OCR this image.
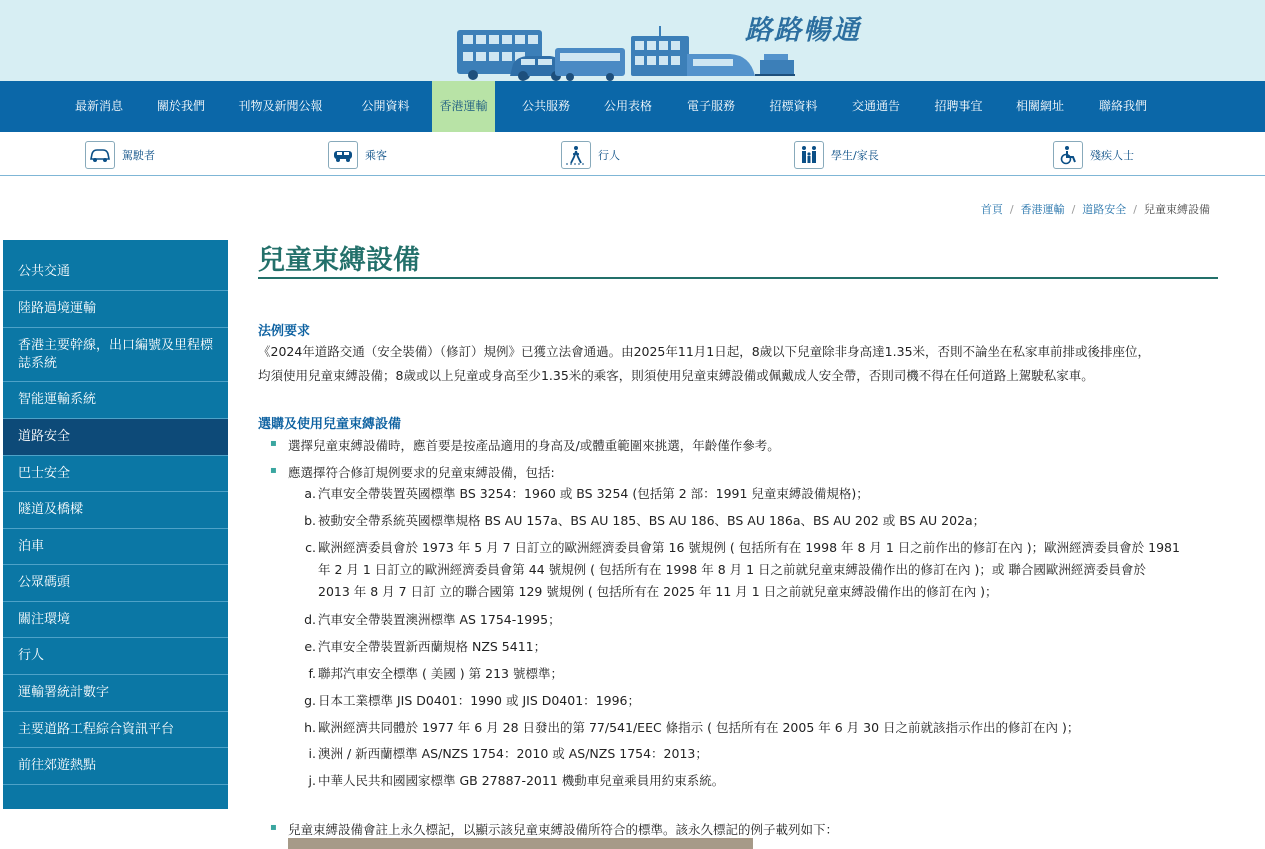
路路暢通
最新消息	關於我們	刊物及新聞公報	公開資料	香港運輸	公共服務	公用表格	電子服務	招標資料	交通通告	招聘事宜	相關網址	聯絡我們
駕駛者	乘客	行人	學生/家長	殘疾人士
首頁 / 香港運輸 / 道路安全 / 兒童束縛設備
公共交通
陸路過境運輸
香港主要幹線，出口編號及里程標誌系統
智能運輸系統
道路安全
巴士安全
隧道及橋樑
泊車
公眾碼頭
關注環境
行人
運輸署統計數字
主要道路工程綜合資訊平台
前往郊遊熱點
兒童束縛設備
法例要求
《2024年道路交通（安全裝備）（修訂）規例》已獲立法會通過。由2025年11月1日起，8歲以下兒童除非身高達1.35米，否則不論坐在私家車前排或後排座位，
均須使用兒童束縛設備；8歲或以上兒童或身高至少1.35米的乘客，則須使用兒童束縛設備或佩戴成人安全帶，否則司機不得在任何道路上駕駛私家車。
選購及使用兒童束縛設備
▪ 選擇兒童束縛設備時，應首要是按產品適用的身高及/或體重範圍來挑選，年齡僅作參考。
▪ 應選擇符合修訂規例要求的兒童束縛設備，包括:
a. 汽車安全帶裝置英國標準 BS 3254：1960 或 BS 3254 (包括第 2 部：1991 兒童束縛設備規格)；
b. 被動安全帶系統英國標準規格 BS AU 157a、BS AU 185、BS AU 186、BS AU 186a、BS AU 202 或 BS AU 202a；
c. 歐洲經濟委員會於 1973 年 5 月 7 日訂立的歐洲經濟委員會第 16 號規例 ( 包括所有在 1998 年 8 月 1 日之前作出的修訂在內 )；歐洲經濟委員會於 1981
年 2 月 1 日訂立的歐洲經濟委員會第 44 號規例 ( 包括所有在 1998 年 8 月 1 日之前就兒童束縛設備作出的修訂在內 )；或 聯合國歐洲經濟委員會於
2013 年 8 月 7 日訂 立的聯合國第 129 號規例 ( 包括所有在 2025 年 11 月 1 日之前就兒童束縛設備作出的修訂在內 )；
d. 汽車安全帶裝置澳洲標準 AS 1754-1995；
e. 汽車安全帶裝置新西蘭規格 NZS 5411；
f. 聯邦汽車安全標準 ( 美國 ) 第 213 號標準；
g. 日本工業標準 JIS D0401：1990 或 JIS D0401：1996；
h. 歐洲經濟共同體於 1977 年 6 月 28 日發出的第 77/541/EEC 條指示 ( 包括所有在 2005 年 6 月 30 日之前就該指示作出的修訂在內 )；
i. 澳洲 / 新西蘭標準 AS/NZS 1754：2010 或 AS/NZS 1754：2013；
j. 中華人民共和國國家標準 GB 27887-2011 機動車兒童乘員用約束系統。
▪ 兒童束縛設備會註上永久標記，以顯示該兒童束縛設備所符合的標準。該永久標記的例子載列如下：
